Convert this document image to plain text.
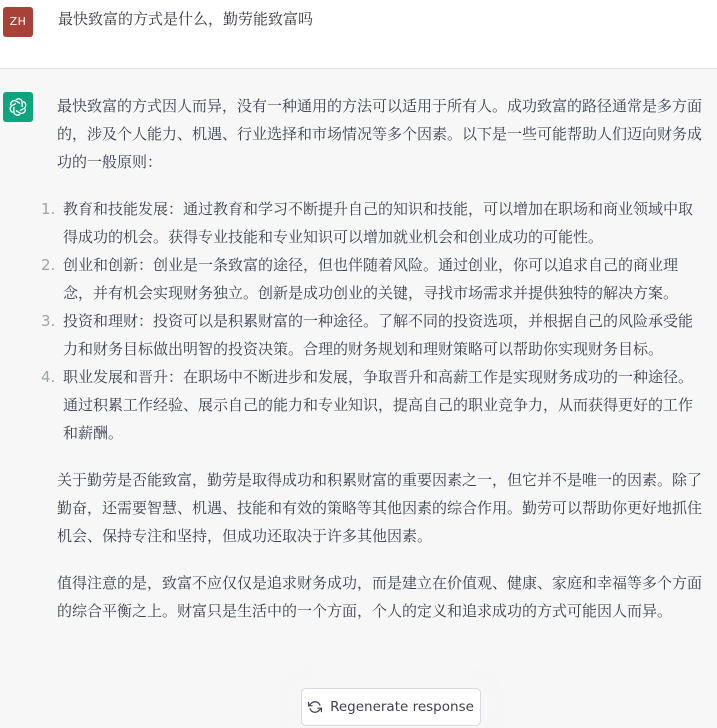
ZH	最快致富的方式是什么，勤劳能致富吗

最快致富的方式因人而异，没有一种通用的方法可以适用于所有人。成功致富的路径通常是多方面的，涉及个人能力、机遇、行业选择和市场情况等多个因素。以下是一些可能帮助人们迈向财务成功的一般原则：

1. 教育和技能发展：通过教育和学习不断提升自己的知识和技能，可以增加在职场和商业领域中取得成功的机会。获得专业技能和专业知识可以增加就业机会和创业成功的可能性。
2. 创业和创新：创业是一条致富的途径，但也伴随着风险。通过创业，你可以追求自己的商业理念，并有机会实现财务独立。创新是成功创业的关键，寻找市场需求并提供独特的解决方案。
3. 投资和理财：投资可以是积累财富的一种途径。了解不同的投资选项，并根据自己的风险承受能力和财务目标做出明智的投资决策。合理的财务规划和理财策略可以帮助你实现财务目标。
4. 职业发展和晋升：在职场中不断进步和发展，争取晋升和高薪工作是实现财务成功的一种途径。通过积累工作经验、展示自己的能力和专业知识，提高自己的职业竞争力，从而获得更好的工作和薪酬。

关于勤劳是否能致富，勤劳是取得成功和积累财富的重要因素之一，但它并不是唯一的因素。除了勤奋，还需要智慧、机遇、技能和有效的策略等其他因素的综合作用。勤劳可以帮助你更好地抓住机会、保持专注和坚持，但成功还取决于许多其他因素。

值得注意的是，致富不应仅仅是追求财务成功，而是建立在价值观、健康、家庭和幸福等多个方面的综合平衡之上。财富只是生活中的一个方面，个人的定义和追求成功的方式可能因人而异。

Regenerate response
